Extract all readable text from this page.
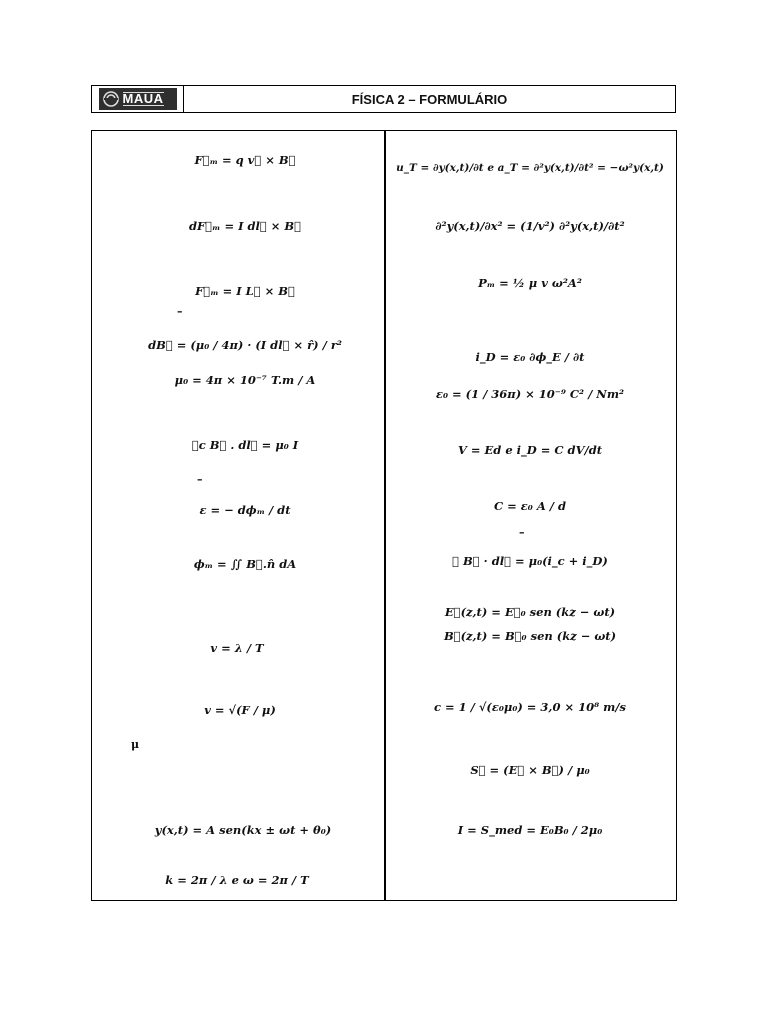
MAUA	FÍSICA 2 – FORMULÁRIO
F⃗ₘ = q v⃗ × B⃗
dF⃗ₘ = I dl⃗ × B⃗
F⃗ₘ = I L⃗ × B⃗
–
dB⃗ = (μ₀ / 4π) · (I dl⃗ × r̂) / r²
μ₀ = 4π × 10⁻⁷ T.m / A
∮ᴄ B⃗ . dl⃗ = μ₀ I
–
ε = − dϕₘ / dt
ϕₘ = ∬ B⃗.n̂ dA
v = λ / T
v = √(F / μ)
μ
y(x,t) = A sen(kx ± ωt + θ₀)
k = 2π / λ e ω = 2π / T
u_T = ∂y(x,t)/∂t e a_T = ∂²y(x,t)/∂t² = −ω²y(x,t)
∂²y(x,t)/∂x² = (1/v²) ∂²y(x,t)/∂t²
Pₘ = ½ μ v ω²A²
i_D = ε₀ ∂ϕ_E / ∂t
ε₀ = (1 / 36π) × 10⁻⁹ C² / Nm²
V = Ed e i_D = C dV/dt
C = ε₀ A / d
–
∮ B⃗ · dl⃗ = μ₀(i_c + i_D)
E⃗(z,t) = E⃗₀ sen (kz − ωt)
B⃗(z,t) = B⃗₀ sen (kz − ωt)
c = 1 / √(ε₀μ₀) = 3,0 × 10⁸ m/s
S⃗ = (E⃗ × B⃗) / μ₀
I = S_med = E₀B₀ / 2μ₀
